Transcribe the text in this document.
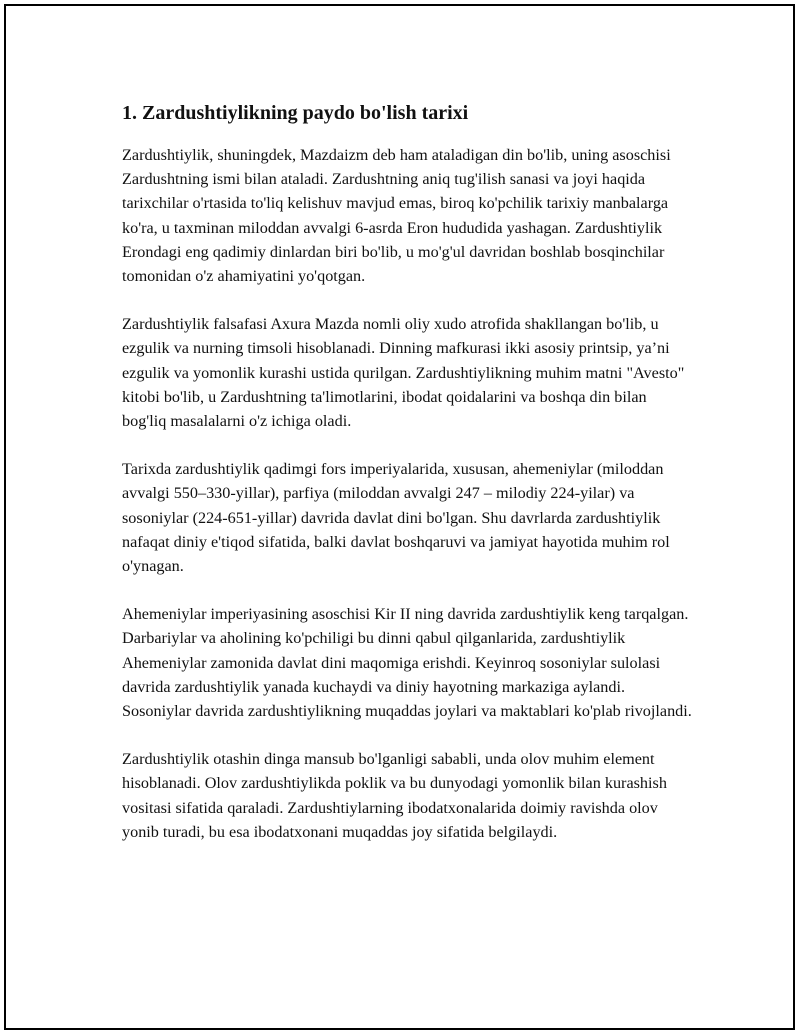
1. Zardushtiylikning paydo bo'lish tarixi

Zardushtiylik, shuningdek, Mazdaizm deb ham ataladigan din bo'lib, uning asoschisi Zardushtning ismi bilan ataladi. Zardushtning aniq tug'ilish sanasi va joyi haqida tarixchilar o'rtasida to'liq kelishuv mavjud emas, biroq ko'pchilik tarixiy manbalarga ko'ra, u taxminan miloddan avvalgi 6-asrda Eron hududida yashagan. Zardushtiylik Erondagi eng qadimiy dinlardan biri bo'lib, u mo'g'ul davridan boshlab bosqinchilar tomonidan o'z ahamiyatini yo'qotgan.

Zardushtiylik falsafasi Axura Mazda nomli oliy xudo atrofida shakllangan bo'lib, u ezgulik va nurning timsoli hisoblanadi. Dinning mafkurasi ikki asosiy printsip, ya’ni ezgulik va yomonlik kurashi ustida qurilgan. Zardushtiylikning muhim matni "Avesto" kitobi bo'lib, u Zardushtning ta'limotlarini, ibodat qoidalarini va boshqa din bilan bog'liq masalalarni o'z ichiga oladi.

Tarixda zardushtiylik qadimgi fors imperiyalarida, xususan, ahemeniylar (miloddan avvalgi 550–330-yillar), parfiya (miloddan avvalgi 247 – milodiy 224-yilar) va sosoniylar (224-651-yillar) davrida davlat dini bo'lgan. Shu davrlarda zardushtiylik nafaqat diniy e'tiqod sifatida, balki davlat boshqaruvi va jamiyat hayotida muhim rol o'ynagan.

Ahemeniylar imperiyasining asoschisi Kir II ning davrida zardushtiylik keng tarqalgan. Darbariylar va aholining ko'pchiligi bu dinni qabul qilganlarida, zardushtiylik Ahemeniylar zamonida davlat dini maqomiga erishdi. Keyinroq sosoniylar sulolasi davrida zardushtiylik yanada kuchaydi va diniy hayotning markaziga aylandi. Sosoniylar davrida zardushtiylikning muqaddas joylari va maktablari ko'plab rivojlandi.

Zardushtiylik otashin dinga mansub bo'lganligi sababli, unda olov muhim element hisoblanadi. Olov zardushtiylikda poklik va bu dunyodagi yomonlik bilan kurashish vositasi sifatida qaraladi. Zardushtiylarning ibodatxonalarida doimiy ravishda olov yonib turadi, bu esa ibodatxonani muqaddas joy sifatida belgilaydi.
